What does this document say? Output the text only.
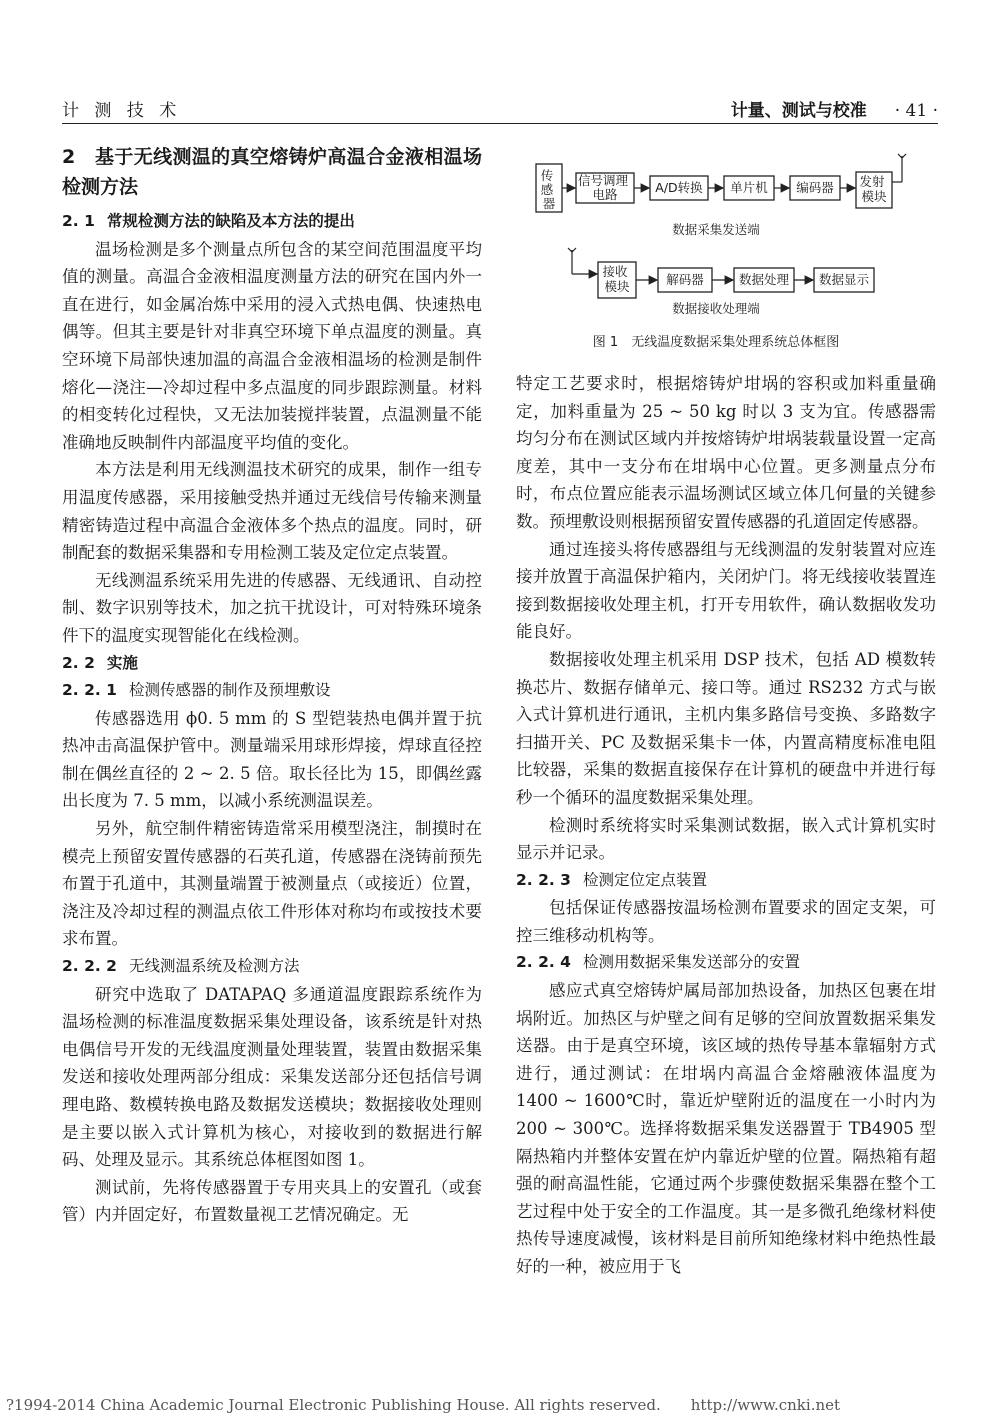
计 测 技 术	计量、测试与校准 · 41 ·
2　基于无线测温的真空熔铸炉高温合金液相温场检测方法
2. 1 常规检测方法的缺陷及本方法的提出

温场检测是多个测量点所包含的某空间范围温度平均值的测量。高温合金液相温度测量方法的研究在国内外一直在进行，如金属冶炼中采用的浸入式热电偶、快速热电偶等。但其主要是针对非真空环境下单点温度的测量。真空环境下局部快速加温的高温合金液相温场的检测是制件熔化—浇注—冷却过程中多点温度的同步跟踪测量。材料的相变转化过程快，又无法加装搅拌装置，点温测量不能准确地反映制件内部温度平均值的变化。

本方法是利用无线测温技术研究的成果，制作一组专用温度传感器，采用接触受热并通过无线信号传输来测量精密铸造过程中高温合金液体多个热点的温度。同时，研制配套的数据采集器和专用检测工装及定位定点装置。

无线测温系统采用先进的传感器、无线通讯、自动控制、数字识别等技术，加之抗干扰设计，可对特殊环境条件下的温度实现智能化在线检测。

2. 2 实施
2. 2. 1 检测传感器的制作及预埋敷设

传感器选用 ϕ0. 5 mm 的 S 型铠装热电偶并置于抗热冲击高温保护管中。测量端采用球形焊接，焊球直径控制在偶丝直径的 2 ~ 2. 5 倍。取长径比为 15，即偶丝露出长度为 7. 5 mm，以减小系统测温误差。

另外，航空制件精密铸造常采用模型浇注，制摸时在模壳上预留安置传感器的石英孔道，传感器在浇铸前预先布置于孔道中，其测量端置于被测量点（或接近）位置，浇注及冷却过程的测温点依工件形体对称均布或按技术要求布置。

2. 2. 2 无线测温系统及检测方法

研究中选取了 DATAPAQ 多通道温度跟踪系统作为温场检测的标准温度数据采集处理设备，该系统是针对热电偶信号开发的无线温度测量处理装置，装置由数据采集发送和接收处理两部分组成：采集发送部分还包括信号调理电路、数模转换电路及数据发送模块；数据接收处理则是主要以嵌入式计算机为核心，对接收到的数据进行解码、处理及显示。其系统总体框图如图 1。

测试前，先将传感器置于专用夹具上的安置孔（或套管）内并固定好，布置数量视工艺情况确定。无

传 感 器
信号调理 电路	A/D转换 单片机 编码器 发射 模块
数据采集发送端
接收 模块	解码器	数据处理 数据显示
数据接收处理端
图 1　无线温度数据采集处理系统总体框图

特定工艺要求时，根据熔铸炉坩埚的容积或加料重量确定，加料重量为 25 ~ 50 kg 时以 3 支为宜。传感器需均匀分布在测试区域内并按熔铸炉坩埚装载量设置一定高度差，其中一支分布在坩埚中心位置。更多测量点分布时，布点位置应能表示温场测试区域立体几何量的关键参数。预埋敷设则根据预留安置传感器的孔道固定传感器。

通过连接头将传感器组与无线测温的发射装置对应连接并放置于高温保护箱内，关闭炉门。将无线接收装置连接到数据接收处理主机，打开专用软件，确认数据收发功能良好。

数据接收处理主机采用 DSP 技术，包括 AD 模数转换芯片、数据存储单元、接口等。通过 RS232 方式与嵌入式计算机进行通讯，主机内集多路信号变换、多路数字扫描开关、PC 及数据采集卡一体，内置高精度标准电阻比较器，采集的数据直接保存在计算机的硬盘中并进行每秒一个循环的温度数据采集处理。

检测时系统将实时采集测试数据，嵌入式计算机实时显示并记录。

2. 2. 3 检测定位定点装置

包括保证传感器按温场检测布置要求的固定支架，可控三维移动机构等。

2. 2. 4 检测用数据采集发送部分的安置

感应式真空熔铸炉属局部加热设备，加热区包裹在坩埚附近。加热区与炉壁之间有足够的空间放置数据采集发送器。由于是真空环境，该区域的热传导基本靠辐射方式进行，通过测试：在坩埚内高温合金熔融液体温度为 1400 ~ 1600℃时，靠近炉壁附近的温度在一小时内为 200 ~ 300℃。选择将数据采集发送器置于 TB4905 型隔热箱内并整体安置在炉内靠近炉壁的位置。隔热箱有超强的耐高温性能，它通过两个步骤使数据采集器在整个工艺过程中处于安全的工作温度。其一是多微孔绝缘材料使热传导速度减慢，该材料是目前所知绝缘材料中绝热性最好的一种，被应用于飞

?1994-2014 China Academic Journal Electronic Publishing House. All rights reserved.　　http://www.cnki.net
